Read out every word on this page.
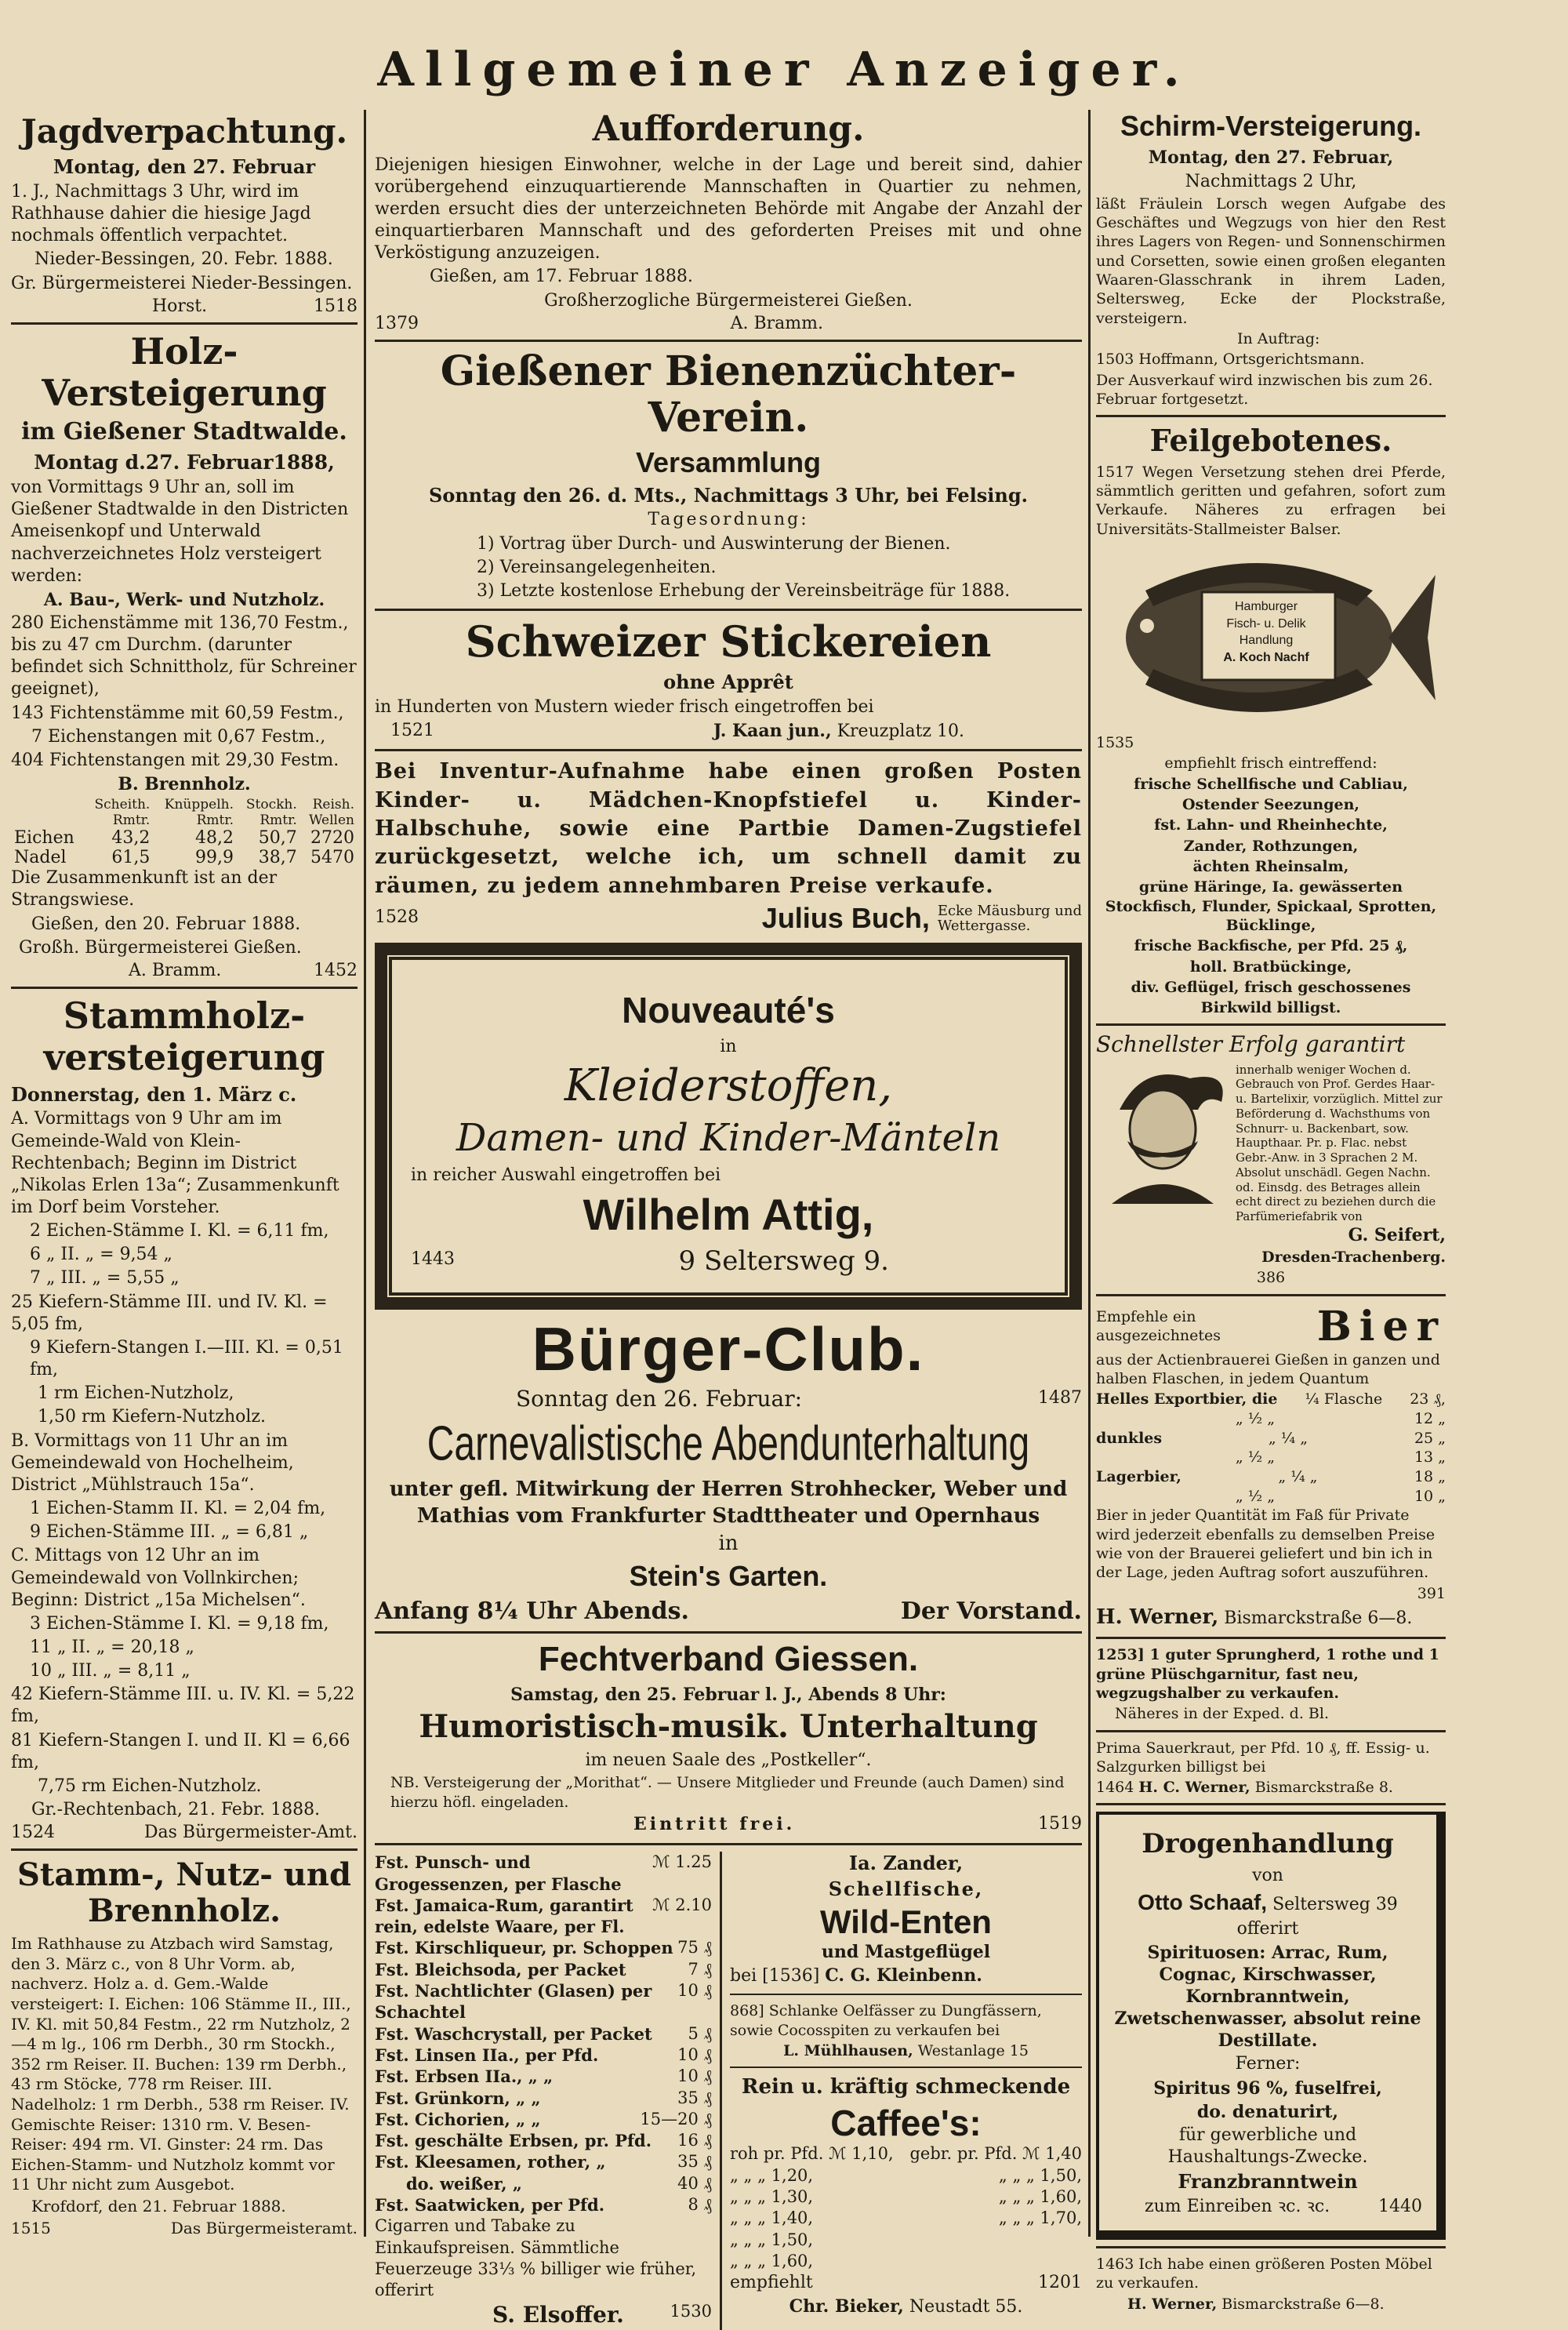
Allgemeiner Anzeiger.
Jagdverpachtung.
Montag, den 27. Februar
1. J., Nachmittags 3 Uhr, wird im Rathhause dahier die hiesige Jagd nochmals öffentlich verpachtet.
Nieder-Bessingen, 20. Febr. 1888.
Gr. Bürgermeisterei Nieder-Bessingen.
Horst.	1518
Holz-Versteigerung
im Gießener Stadtwalde.
Montag d.27. Februar1888,
von Vormittags 9 Uhr an, soll im Gießener Stadtwalde in den Districten Ameisenkopf und Unterwald nachverzeichnetes Holz versteigert werden:
A. Bau-, Werk- und Nutzholz.
280 Eichenstämme mit 136,70 Festm., bis zu 47 cm Durchm. (darunter befindet sich Schnittholz, für Schreiner geeignet),
143 Fichtenstämme mit 60,59 Festm.,
7 Eichenstangen mit 0,67 Festm.,
404 Fichtenstangen mit 29,30 Festm.
B. Brennholz.
	Scheith.	Knüppelh.	Stockh.	Reish.
	Rmtr.	Rmtr.	Rmtr.	Wellen
Eichen	43,2	48,2	50,7	2720
Nadel	61,5	99,9	38,7	5470
Die Zusammenkunft ist an der Strangswiese.
Gießen, den 20. Februar 1888.
Großh. Bürgermeisterei Gießen.
A. Bramm.	1452
Stammholz-
versteigerung
Donnerstag, den 1. März c.
A. Vormittags von 9 Uhr am im Gemeinde-Wald von Klein-Rechtenbach; Beginn im District „Nikolas Erlen 13a“; Zusammenkunft im Dorf beim Vorsteher.
2 Eichen-Stämme I. Kl. = 6,11 fm,
6 „ II. „ = 9,54 „
7 „ III. „ = 5,55 „
25 Kiefern-Stämme III. und IV. Kl. = 5,05 fm,
9 Kiefern-Stangen I.—III. Kl. = 0,51 fm,
1 rm Eichen-Nutzholz,
1,50 rm Kiefern-Nutzholz.
B. Vormittags von 11 Uhr an im Gemeindewald von Hochelheim, District „Mühlstrauch 15a“.
1 Eichen-Stamm II. Kl. = 2,04 fm,
9 Eichen-Stämme III. „ = 6,81 „
C. Mittags von 12 Uhr an im Gemeindewald von Vollnkirchen; Beginn: District „15a Michelsen“.
3 Eichen-Stämme I. Kl. = 9,18 fm,
11 „ II. „ = 20,18 „
10 „ III. „ = 8,11 „
42 Kiefern-Stämme III. u. IV. Kl. = 5,22 fm,
81 Kiefern-Stangen I. und II. Kl = 6,66 fm,
7,75 rm Eichen-Nutzholz.
Gr.-Rechtenbach, 21. Febr. 1888.
1524	Das Bürgermeister-Amt.
Stamm-, Nutz- und Brennholz.
Im Rathhause zu Atzbach wird Samstag, den 3. März c., von 8 Uhr Vorm. ab, nachverz. Holz a. d. Gem.-Walde versteigert: I. Eichen: 106 Stämme II., III., IV. Kl. mit 50,84 Festm., 22 rm Nutzholz, 2—4 m lg., 106 rm Derbh., 30 rm Stockh., 352 rm Reiser. II. Buchen: 139 rm Derbh., 43 rm Stöcke, 778 rm Reiser. III. Nadelholz: 1 rm Derbh., 538 rm Reiser. IV. Gemischte Reiser: 1310 rm. V. Besen-Reiser: 494 rm. VI. Ginster: 24 rm. Das Eichen-Stamm- und Nutzholz kommt vor 11 Uhr nicht zum Ausgebot.
Krofdorf, den 21. Februar 1888.
1515	Das Bürgermeisteramt.
Aufforderung.
Diejenigen hiesigen Einwohner, welche in der Lage und bereit sind, dahier vorübergehend einzuquartierende Mannschaften in Quartier zu nehmen, werden ersucht dies der unterzeichneten Behörde mit Angabe der Anzahl der einquartierbaren Mannschaft und des geforderten Preises mit und ohne Verköstigung anzuzeigen.
Gießen, am 17. Februar 1888.
Großherzogliche Bürgermeisterei Gießen.
1379	A. Bramm.
Gießener Bienenzüchter-Verein.
Versammlung
Sonntag den 26. d. Mts., Nachmittags 3 Uhr, bei Felsing.
Tagesordnung:
1) Vortrag über Durch- und Auswinterung der Bienen.
2) Vereinsangelegenheiten.
3) Letzte kostenlose Erhebung der Vereinsbeiträge für 1888.
Schweizer Stickereien
ohne Apprêt
in Hunderten von Mustern wieder frisch eingetroffen bei
1521	J. Kaan jun., Kreuzplatz 10.
Bei Inventur-Aufnahme habe einen großen Posten Kinder- u. Mädchen-Knopfstiefel u. Kinder-Halbschuhe, sowie eine Partbie Damen-Zugstiefel zurückgesetzt, welche ich, um schnell damit zu räumen, zu jedem annehmbaren Preise verkaufe.
1528	Julius Buch, Ecke Mäusburg und
Wettergasse.
Nouveauté's
in
Kleiderstoffen,
Damen- und Kinder-Mänteln
in reicher Auswahl eingetroffen bei
Wilhelm Attig,
1443	9 Seltersweg 9.
Bürger-Club.
Sonntag den 26. Februar:	1487
Carnevalistische Abendunterhaltung
unter gefl. Mitwirkung der Herren Strohhecker, Weber und Mathias vom Frankfurter Stadttheater und Opernhaus
in
Stein's Garten.
Anfang 8¼ Uhr Abends.	Der Vorstand.
Fechtverband Giessen.
Samstag, den 25. Februar l. J., Abends 8 Uhr:
Humoristisch-musik. Unterhaltung
im neuen Saale des „Postkeller“.
NB. Versteigerung der „Morithat“. — Unsere Mitglieder und Freunde (auch Damen) sind hierzu höfl. eingeladen.
Eintritt frei.	1519
Fst. Punsch- und Grogessenzen, per Flasche
ℳ 1.25
Fst. Jamaica-Rum, garantirt rein, edelste Waare, per Fl.
ℳ 2.10
Fst. Kirschliqueur, pr. Schoppen 75 ₰
Fst. Bleichsoda, per Packet	7 ₰
Fst. Nachtlichter (Glasen) per Schachtel
10 ₰
Fst. Waschcrystall, per Packet 5 ₰
Fst. Linsen IIa., per Pfd.	10 ₰
Fst. Erbsen IIa., „ „	10 ₰
Fst. Grünkorn, „ „	35 ₰
Fst. Cichorien, „ „	15—20 ₰
Fst. geschälte Erbsen, pr. Pfd. 16 ₰
Fst. Kleesamen, rother, „	35 ₰
do. weißer, „	40 ₰
Fst. Saatwicken, per Pfd.	8 ₰
Cigarren und Tabake zu Einkaufspreisen. Sämmtliche Feuerzeuge 33⅓ % billiger wie früher, offerirt
S. Elsoffer.	1530
Ia. Zander,
Schellfische,
Wild-Enten
und Mastgeflügel
bei [1536] C. G. Kleinbenn.
868] Schlanke Oelfässer zu Dungfässern, sowie Cocosspiten zu verkaufen bei
L. Mühlhausen, Westanlage 15
Rein u. kräftig schmeckende
Caffee's:
roh pr. Pfd. ℳ 1,10, gebr. pr. Pfd. ℳ 1,40
„ „ „ 1,20,	„ „ „ 1,50,
„ „ „ 1,30,	„ „ „ 1,60,
„ „ „ 1,40,	„ „ „ 1,70,
„ „ „ 1,50,
„ „ „ 1,60,
empfiehlt	1201
Chr. Bieker, Neustadt 55.
Schirm-Versteigerung.
Montag, den 27. Februar,
Nachmittags 2 Uhr,
läßt Fräulein Lorsch wegen Aufgabe des Geschäftes und Wegzugs von hier den Rest ihres Lagers von Regen- und Sonnenschirmen und Corsetten, sowie einen großen eleganten Waaren-Glasschrank in ihrem Laden, Seltersweg, Ecke der Plockstraße, versteigern.
In Auftrag:
1503 Hoffmann, Ortsgerichtsmann.
Der Ausverkauf wird inzwischen bis zum 26. Februar fortgesetzt.
Feilgebotenes.
1517 Wegen Versetzung stehen drei Pferde, sämmtlich geritten und gefahren, sofort zum Verkaufe. Näheres zu erfragen bei Universitäts-Stallmeister Balser.
Hamburger
Fisch- u. Delik
Handlung
A. Koch Nachf
1535
empfiehlt frisch eintreffend:
frische Schellfische und Cabliau,
Ostender Seezungen,
fst. Lahn- und Rheinhechte,
Zander, Rothzungen,
ächten Rheinsalm,
grüne Häringe, Ia. gewässerten Stockfisch, Flunder, Spickaal, Sprotten, Bücklinge,
frische Backfische, per Pfd. 25 ₰,
holl. Bratbückinge,
div. Geflügel, frisch geschossenes
Birkwild billigst.
Schnellster Erfolg garantirt
innerhalb weniger Wochen d. Gebrauch von Prof. Gerdes Haar-u. Bartelixir, vorzüglich. Mittel zur Beförderung d. Wachsthums von Schnurr- u. Backenbart, sow. Haupthaar. Pr. p. Flac. nebst Gebr.-Anw. in 3 Sprachen 2 M. Absolut unschädl. Gegen Nachn. od. Einsdg. des Betrages allein echt direct zu beziehen durch die Parfümeriefabrik von
G. Seifert,
Dresden-Trachenberg.
386
Empfehle ein ausgezeichnetes	Bier
aus der Actienbrauerei Gießen in ganzen und halben Flaschen, in jedem Quantum
Helles Exportbier, die ¼ Flasche 23 ₰,
„ ½ „	12 „
dunkles	„ ¼ „	25 „
„ ½ „	13 „
Lagerbier,	„ ¼ „	18 „
„ ½ „	10 „
Bier in jeder Quantität im Faß für Private wird jederzeit ebenfalls zu demselben Preise wie von der Brauerei geliefert und bin ich in der Lage, jeden Auftrag sofort auszuführen.
391
H. Werner, Bismarckstraße 6—8.
1253] 1 guter Sprungherd, 1 rothe und 1 grüne Plüschgarnitur, fast neu, wegzugshalber zu verkaufen.
Näheres in der Exped. d. Bl.
Prima Sauerkraut, per Pfd. 10 ₰, ff. Essig- u. Salzgurken billigst bei
1464 H. C. Werner, Bismarckstraße 8.
Drogenhandlung
von
Otto Schaaf, Seltersweg 39
offerirt
Spirituosen: Arrac, Rum, Cognac, Kirschwasser, Kornbranntwein, Zwetschenwasser, absolut reine Destillate.
Ferner:
Spiritus 96 %, fuselfrei,
do. denaturirt,
für gewerbliche und Haushaltungs-Zwecke.
Franzbranntwein
zum Einreiben ꝛc. ꝛc.	1440
1463 Ich habe einen größeren Posten Möbel zu verkaufen.
H. Werner, Bismarckstraße 6—8.
